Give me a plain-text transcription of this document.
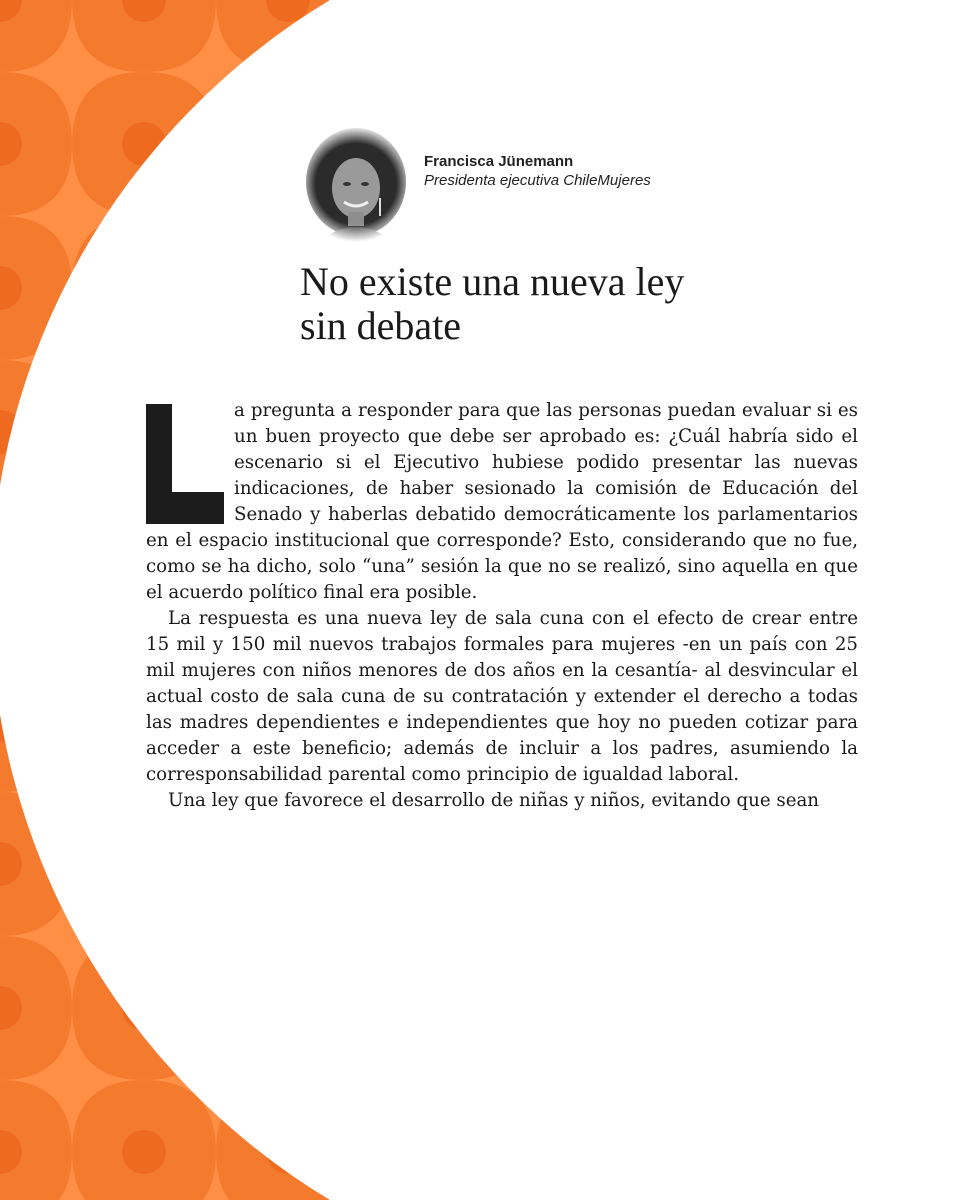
Francisca Jünemann
Presidenta ejecutiva ChileMujeres
No existe una nueva ley sin debate

a pregunta a responder para que las personas puedan evaluar si es un buen proyecto que debe ser aprobado es: ¿Cuál habría sido el escenario si el Ejecutivo hubiese podido presentar las nuevas indicaciones, de haber sesionado la comisión de Educación del Senado y haberlas debatido democráticamente los parlamentarios en el espacio institucional que corresponde? Esto, considerando que no fue, como se ha dicho, solo “una” sesión la que no se realizó, sino aquella en que el acuerdo político final era posible.

La respuesta es una nueva ley de sala cuna con el efecto de crear entre 15 mil y 150 mil nuevos trabajos formales para mujeres -en un país con 25 mil mujeres con niños menores de dos años en la cesantía- al desvincular el actual costo de sala cuna de su contratación y extender el derecho a todas las madres dependientes e independientes que hoy no pueden cotizar para acceder a este beneficio; además de incluir a los padres, asumiendo la corresponsabilidad parental como principio de igualdad laboral.

Una ley que favorece el desarrollo de niñas y niños, evitando que sean
